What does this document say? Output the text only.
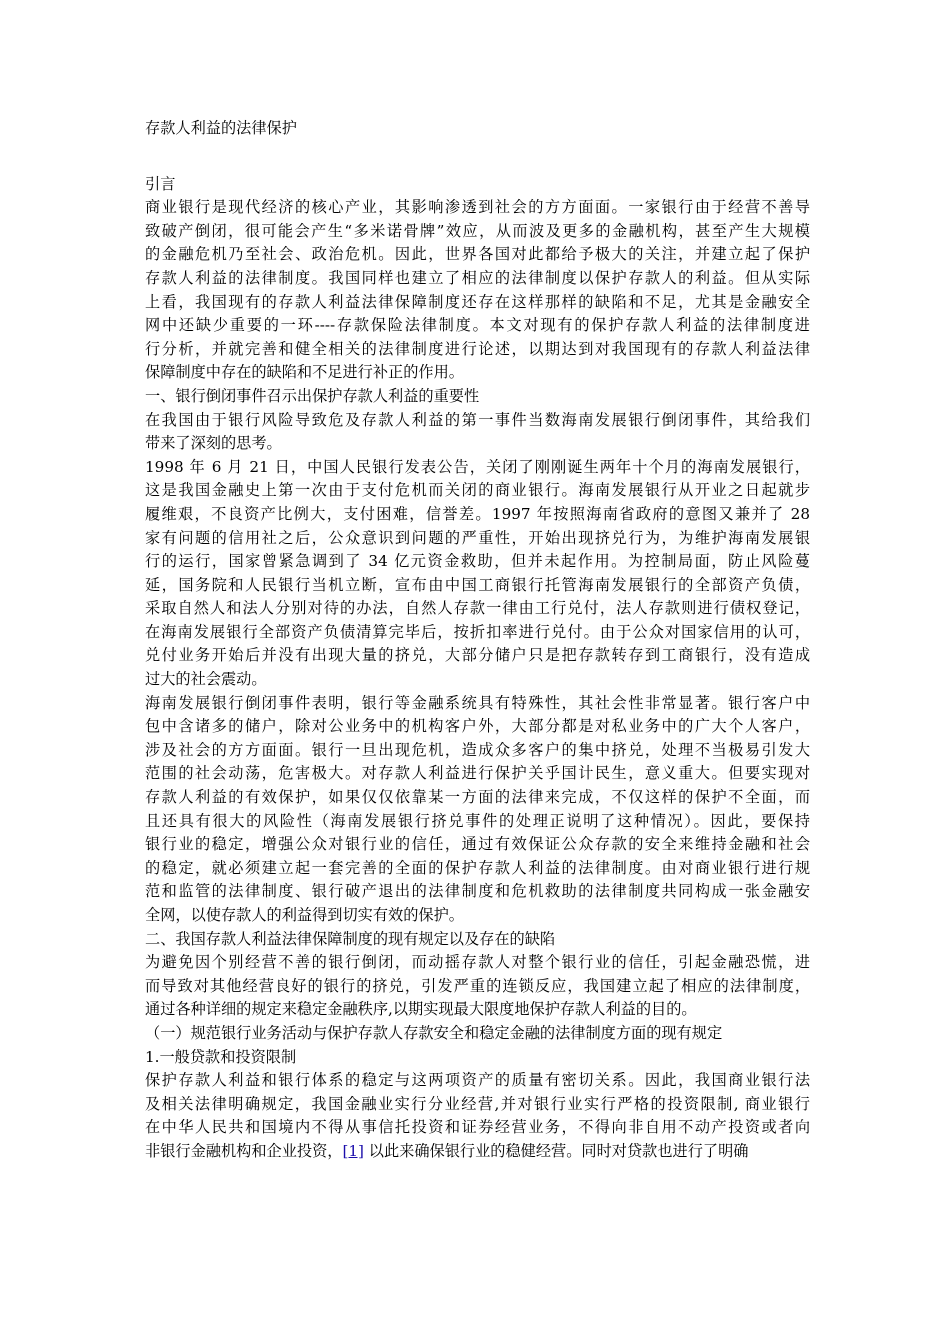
存款人利益的法律保护
引言
商业银行是现代经济的核心产业，其影响渗透到社会的方方面面。一家银行由于经营不善导
致破产倒闭，很可能会产生“多米诺骨牌”效应，从而波及更多的金融机构，甚至产生大规模
的金融危机乃至社会、政治危机。因此，世界各国对此都给予极大的关注，并建立起了保护
存款人利益的法律制度。我国同样也建立了相应的法律制度以保护存款人的利益。但从实际
上看，我国现有的存款人利益法律保障制度还存在这样那样的缺陷和不足，尤其是金融安全
网中还缺少重要的一环----存款保险法律制度。本文对现有的保护存款人利益的法律制度进
行分析，并就完善和健全相关的法律制度进行论述，以期达到对我国现有的存款人利益法律
保障制度中存在的缺陷和不足进行补正的作用。
一、银行倒闭事件召示出保护存款人利益的重要性
在我国由于银行风险导致危及存款人利益的第一事件当数海南发展银行倒闭事件，其给我们
带来了深刻的思考。
1998 年 6 月 21 日，中国人民银行发表公告，关闭了刚刚诞生两年十个月的海南发展银行，
这是我国金融史上第一次由于支付危机而关闭的商业银行。海南发展银行从开业之日起就步
履维艰，不良资产比例大，支付困难，信誉差。1997 年按照海南省政府的意图又兼并了 28
家有问题的信用社之后，公众意识到问题的严重性，开始出现挤兑行为，为维护海南发展银
行的运行，国家曾紧急调到了 34 亿元资金救助，但并未起作用。为控制局面，防止风险蔓
延，国务院和人民银行当机立断，宣布由中国工商银行托管海南发展银行的全部资产负债，
采取自然人和法人分别对待的办法，自然人存款一律由工行兑付，法人存款则进行债权登记，
在海南发展银行全部资产负债清算完毕后，按折扣率进行兑付。由于公众对国家信用的认可，
兑付业务开始后并没有出现大量的挤兑，大部分储户只是把存款转存到工商银行，没有造成
过大的社会震动。
海南发展银行倒闭事件表明，银行等金融系统具有特殊性，其社会性非常显著。银行客户中
包中含诸多的储户，除对公业务中的机构客户外，大部分都是对私业务中的广大个人客户，
涉及社会的方方面面。银行一旦出现危机，造成众多客户的集中挤兑，处理不当极易引发大
范围的社会动荡，危害极大。对存款人利益进行保护关乎国计民生，意义重大。但要实现对
存款人利益的有效保护，如果仅仅依靠某一方面的法律来完成，不仅这样的保护不全面，而
且还具有很大的风险性（海南发展银行挤兑事件的处理正说明了这种情况）。因此，要保持
银行业的稳定，增强公众对银行业的信任，通过有效保证公众存款的安全来维持金融和社会
的稳定，就必须建立起一套完善的全面的保护存款人利益的法律制度。由对商业银行进行规
范和监管的法律制度、银行破产退出的法律制度和危机救助的法律制度共同构成一张金融安
全网，以使存款人的利益得到切实有效的保护。
二、我国存款人利益法律保障制度的现有规定以及存在的缺陷
为避免因个别经营不善的银行倒闭，而动摇存款人对整个银行业的信任，引起金融恐慌，进
而导致对其他经营良好的银行的挤兑，引发严重的连锁反应，我国建立起了相应的法律制度，
通过各种详细的规定来稳定金融秩序,以期实现最大限度地保护存款人利益的目的。
（一）规范银行业务活动与保护存款人存款安全和稳定金融的法律制度方面的现有规定
1.一般贷款和投资限制
保护存款人利益和银行体系的稳定与这两项资产的质量有密切关系。因此，我国商业银行法
及相关法律明确规定，我国金融业实行分业经营,并对银行业实行严格的投资限制, 商业银行
在中华人民共和国境内不得从事信托投资和证券经营业务，不得向非自用不动产投资或者向
非银行金融机构和企业投资，[1] 以此来确保银行业的稳健经营。同时对贷款也进行了明确
